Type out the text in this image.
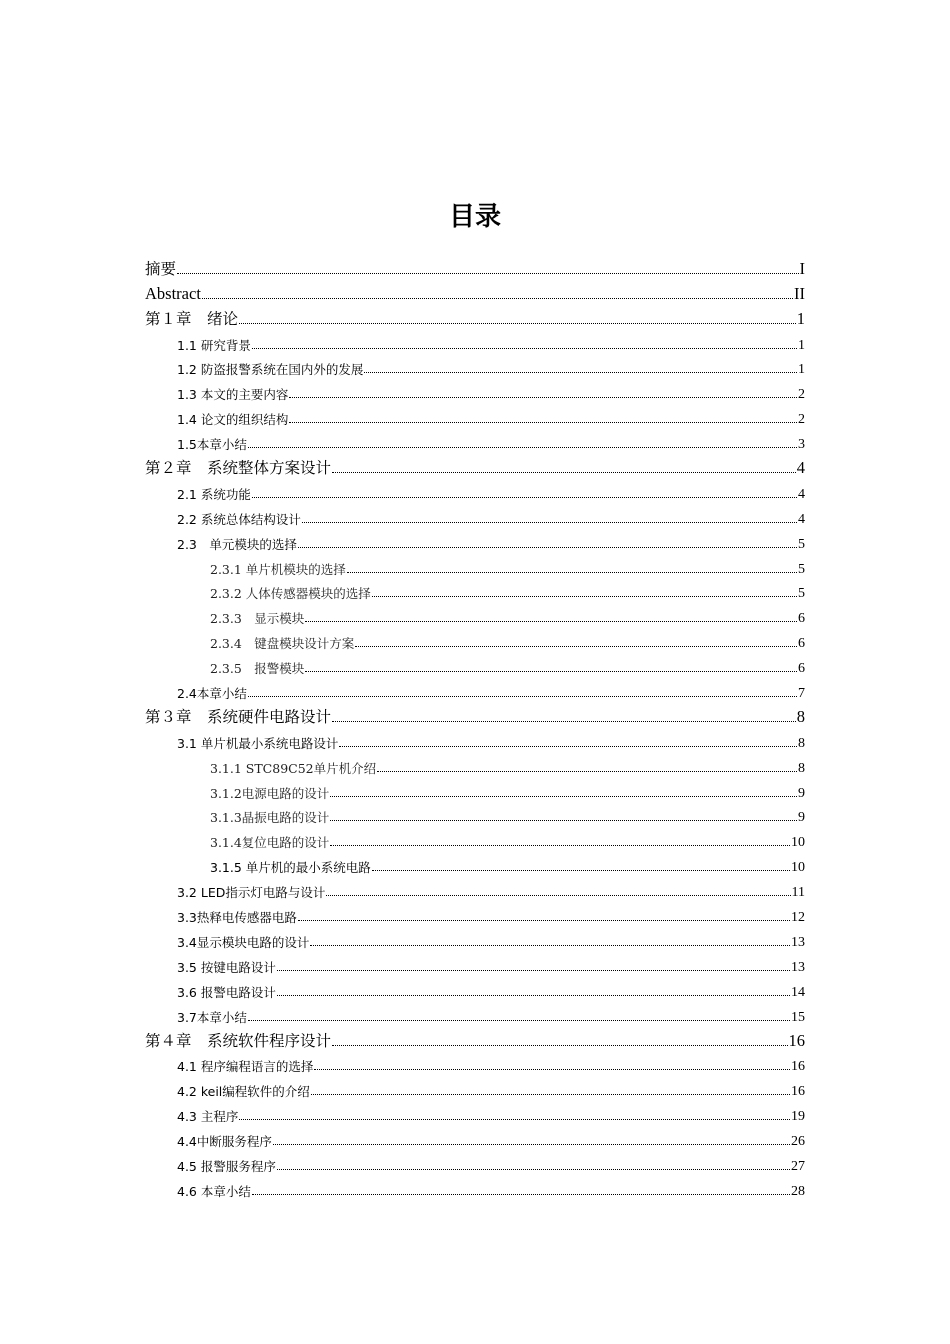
目录
摘要	I
Abstract	II
第１章　绪论	1
1.1 研究背景	1
1.2 防盗报警系统在国内外的发展	1
1.3 本文的主要内容	2
1.4 论文的组织结构	2
1.5本章小结	3
第２章　系统整体方案设计	4
2.1 系统功能	4
2.2 系统总体结构设计	4
2.3　单元模块的选择	5
2.3.1 单片机模块的选择	5
2.3.2 人体传感器模块的选择	5
2.3.3　显示模块	6
2.3.4　键盘模块设计方案	6
2.3.5　报警模块	6
2.4本章小结	7
第３章　系统硬件电路设计	8
3.1 单片机最小系统电路设计	8
3.1.1 STC89C52单片机介绍	8
3.1.2电源电路的设计	9
3.1.3晶振电路的设计	9
3.1.4复位电路的设计	10
3.1.5 单片机的最小系统电路	10
3.2 LED指示灯电路与设计	11
3.3热释电传感器电路	12
3.4显示模块电路的设计	13
3.5 按键电路设计	13
3.6 报警电路设计	14
3.7本章小结	15
第４章　系统软件程序设计	16
4.1 程序编程语言的选择	16
4.2 keil编程软件的介绍	16
4.3 主程序	19
4.4中断服务程序	26
4.5 报警服务程序	27
4.6 本章小结	28
